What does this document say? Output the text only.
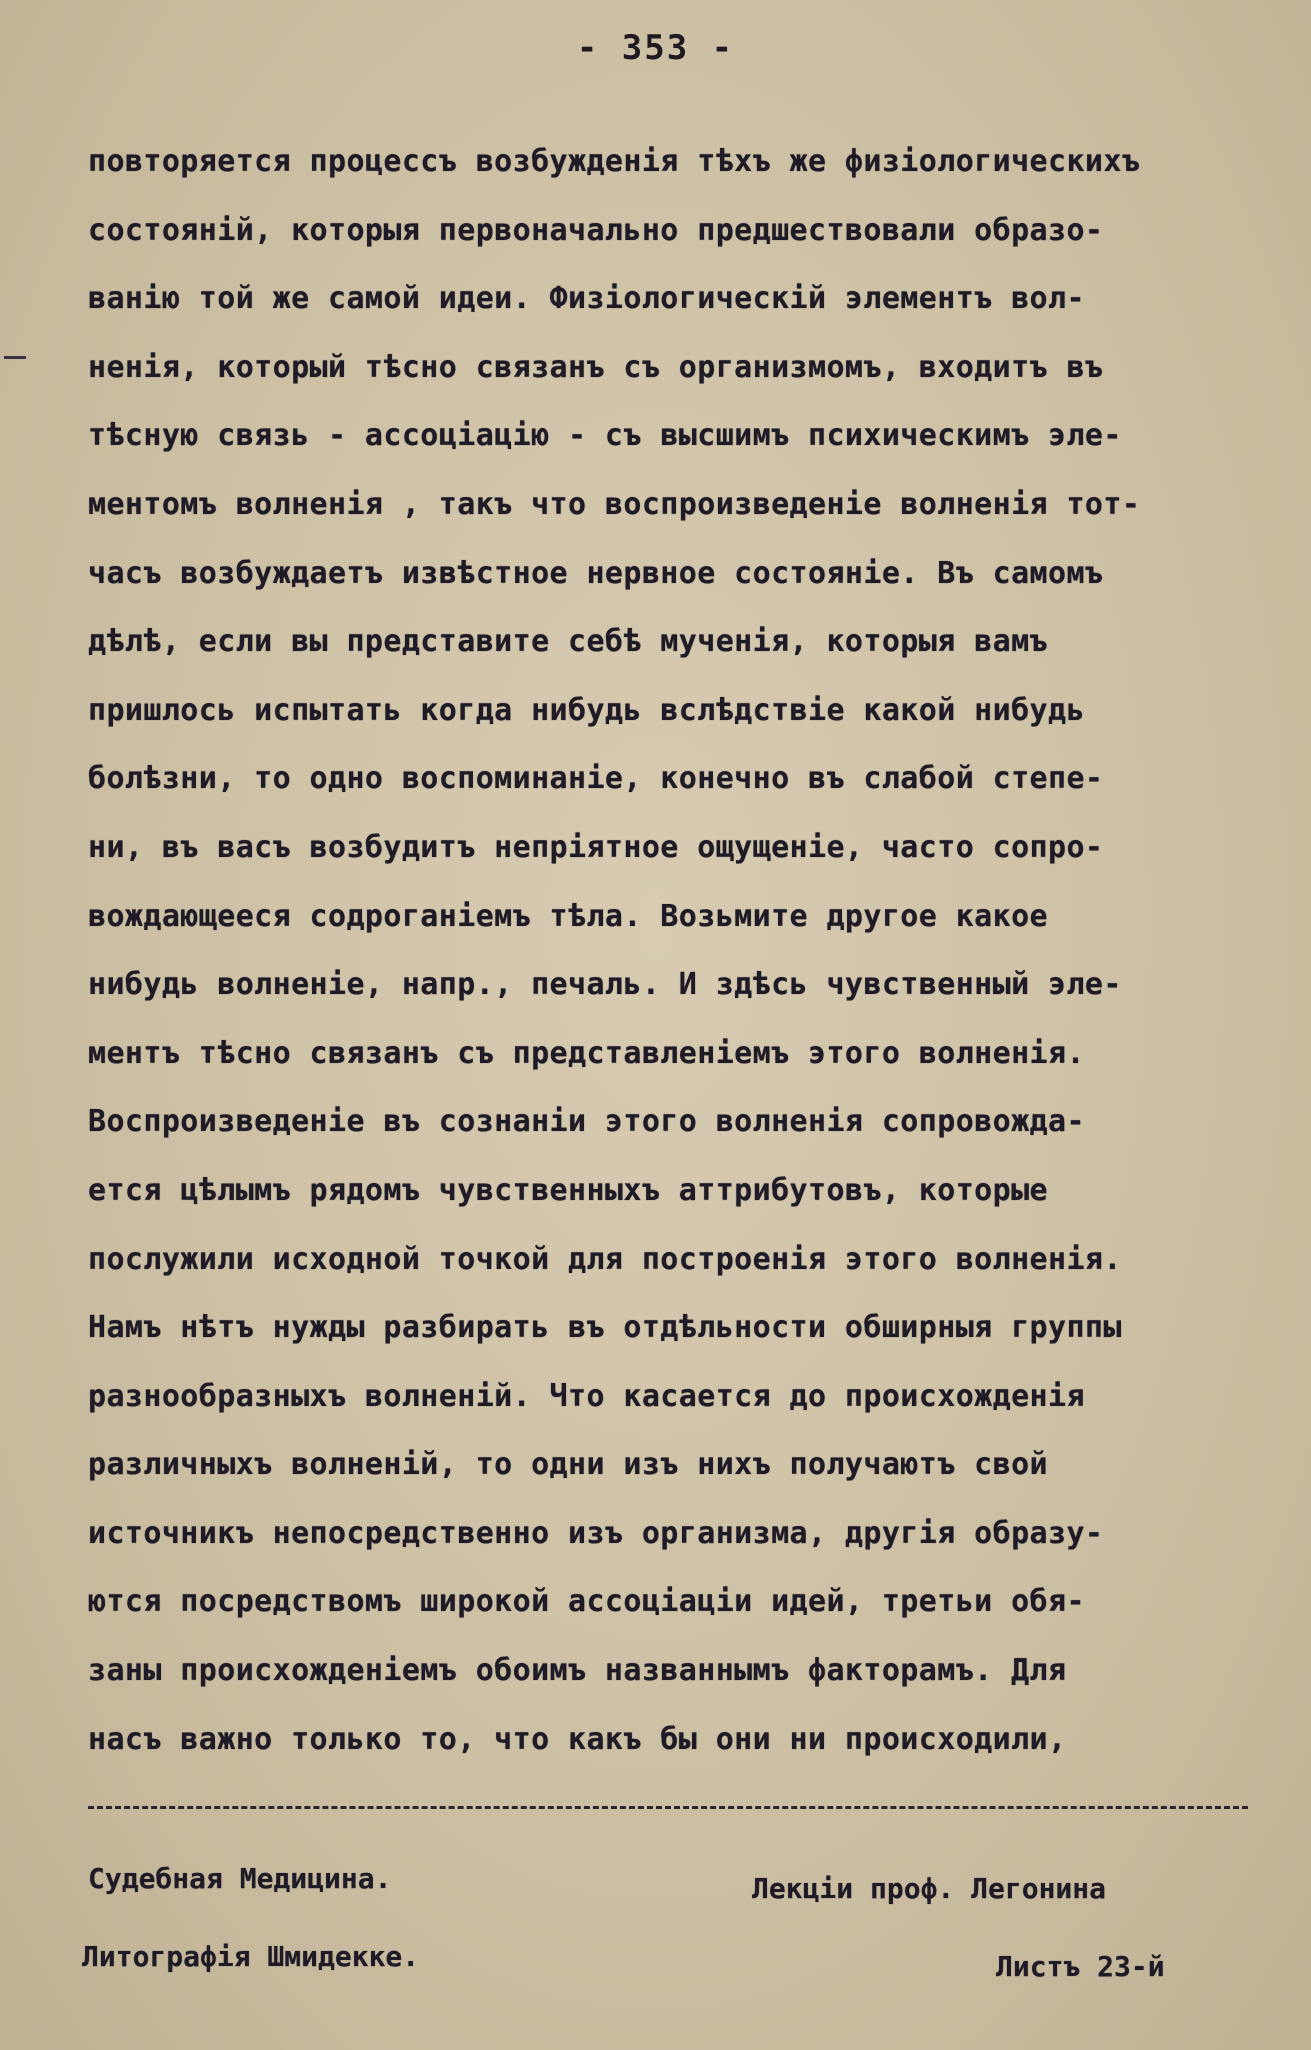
- 353 -
повторяется процессъ возбужденія тѣхъ же физіологическихъ
состояній, которыя первоначально предшествовали образо-
ванію той же самой идеи. Физіологическій элементъ вол-
ненія, который тѣсно связанъ съ организмомъ, входитъ въ
тѣсную связь - ассоціацію - съ высшимъ психическимъ эле-
ментомъ волненія , такъ что воспроизведеніе волненія тот-
часъ возбуждаетъ извѣстное нервное состояніе. Въ самомъ
дѣлѣ, если вы представите себѣ мученія, которыя вамъ
пришлось испытать когда нибудь вслѣдствіе какой нибудь
болѣзни, то одно воспоминаніе, конечно въ слабой степе-
ни, въ васъ возбудитъ непріятное ощущеніе, часто сопро-
вождающееся содроганіемъ тѣла. Возьмите другое какое
нибудь волненіе, напр., печаль. И здѣсь чувственный эле-
ментъ тѣсно связанъ съ представленіемъ этого волненія.
Воспроизведеніе въ сознаніи этого волненія сопровожда-
ется цѣлымъ рядомъ чувственныхъ аттрибутовъ, которые
послужили исходной точкой для построенія этого волненія.
Намъ нѣтъ нужды разбирать въ отдѣльности обширныя группы
разнообразныхъ волненій. Что касается до происхожденія
различныхъ волненій, то одни изъ нихъ получаютъ свой
источникъ непосредственно изъ организма, другія образу-
ются посредствомъ широкой ассоціаціи идей, третьи обя-
заны происхожденіемъ обоимъ названнымъ факторамъ. Для
насъ важно только то, что какъ бы они ни происходили,
Судебная Медицина.	Лекціи проф. Легонина
Литографія Шмидекке.	Листъ 23-й
